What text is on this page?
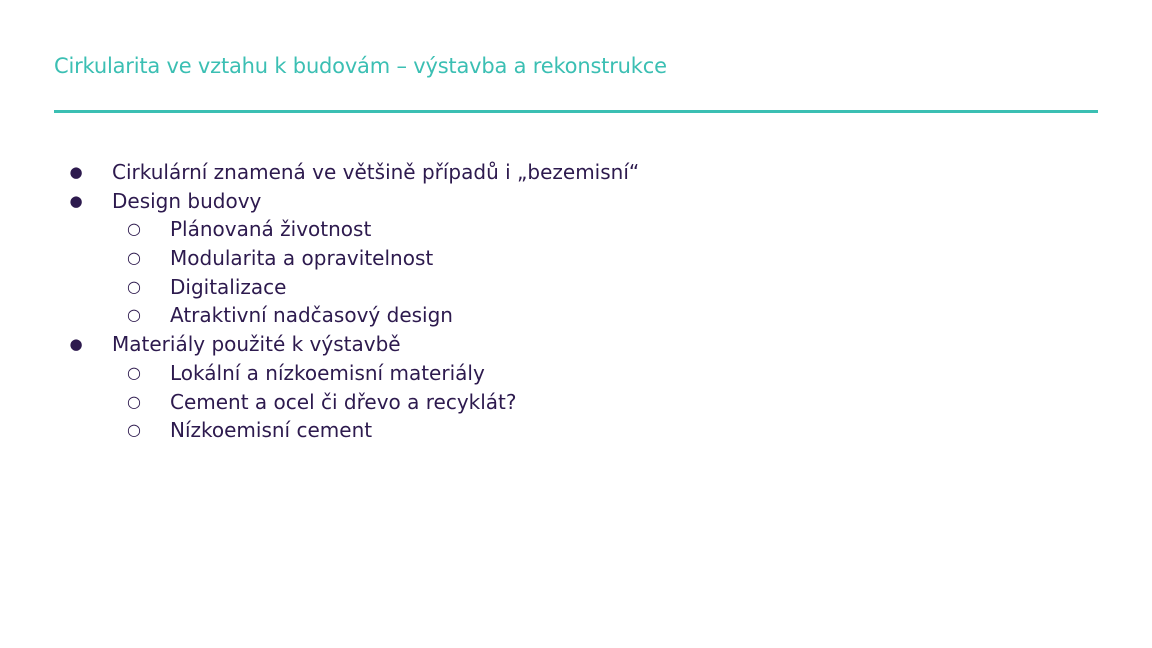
Cirkularita ve vztahu k budovám – výstavba a rekonstrukce
● Cirkulární znamená ve většině případů i „bezemisní“
● Design budovy
○ Plánovaná životnost
○ Modularita a opravitelnost
○ Digitalizace
○ Atraktivní nadčasový design
● Materiály použité k výstavbě
○ Lokální a nízkoemisní materiály
○ Cement a ocel či dřevo a recyklát?
○ Nízkoemisní cement
